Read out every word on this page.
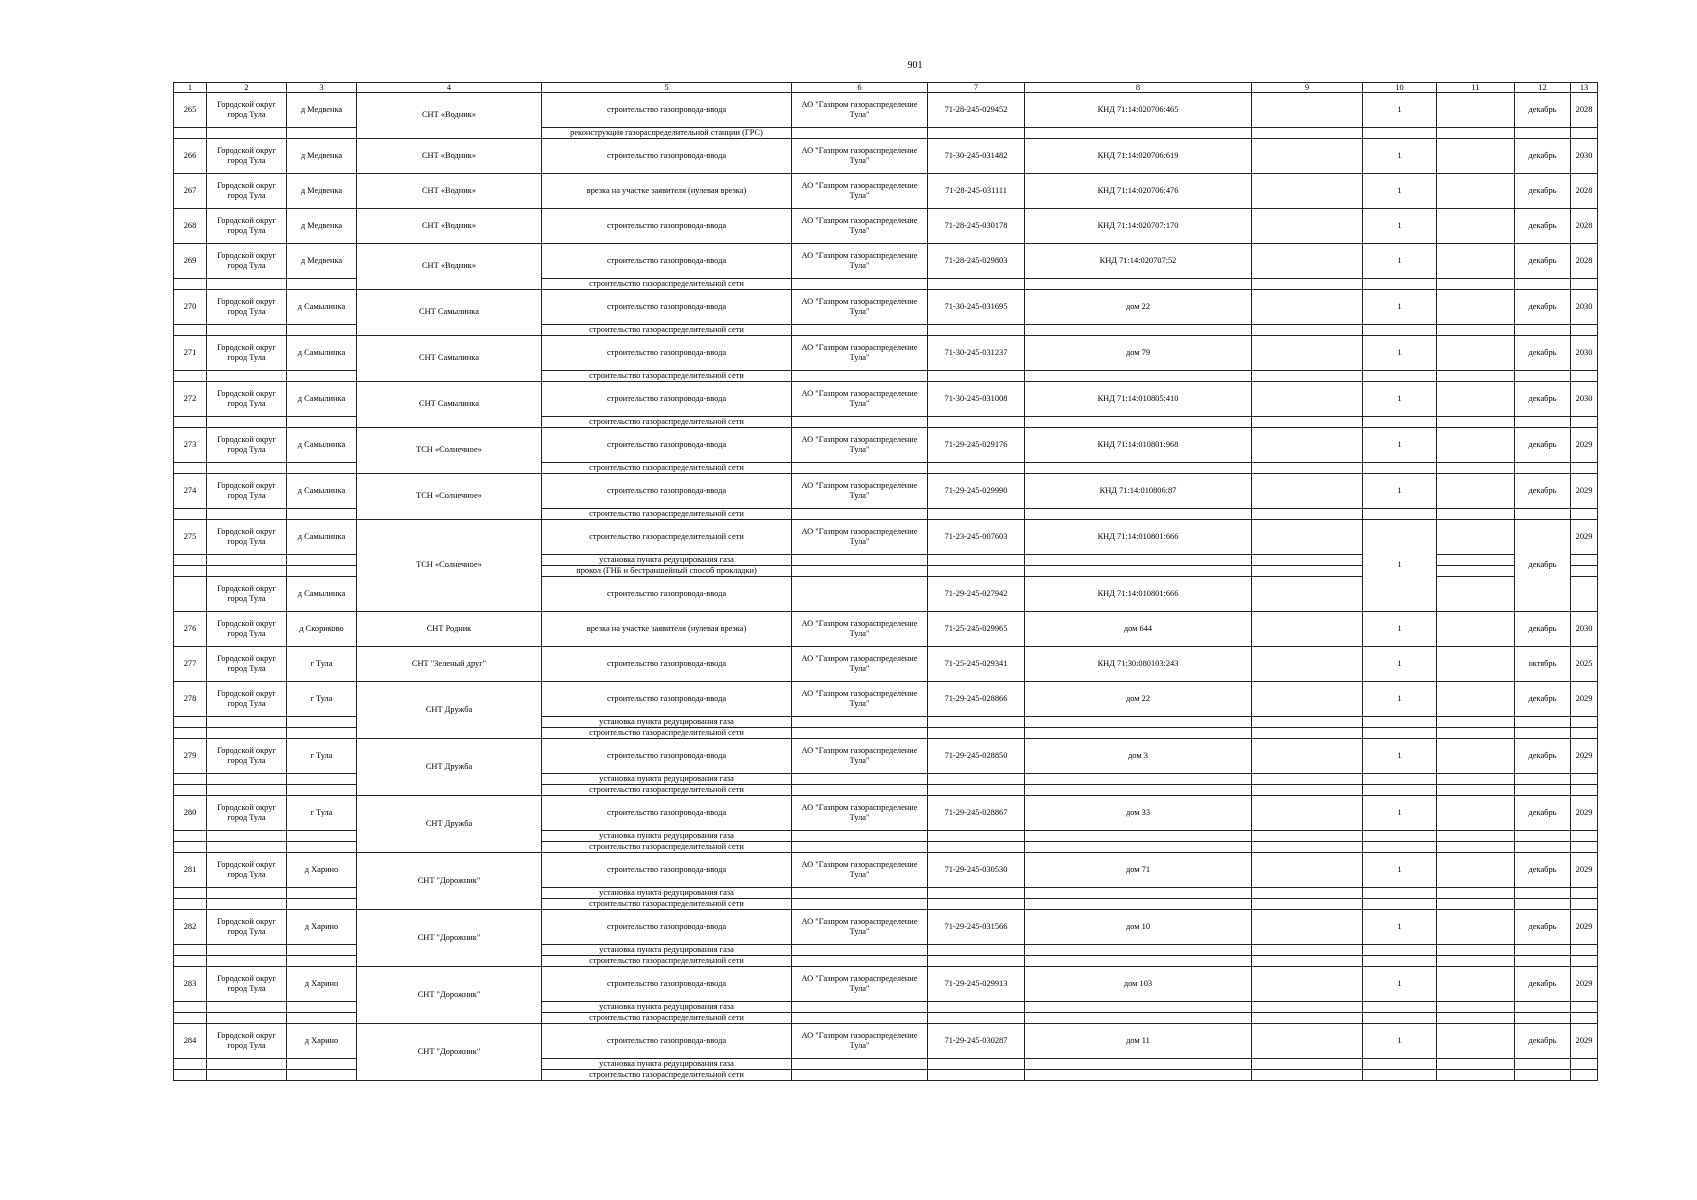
901
1	2	3	4	5	6	7	8	9	10	11	12	13
265	Городской округ город Тула	д Медвенка	СНТ «Водник»	строительство газопровода-ввода	АО "Газпром газораспределение Тула"	71-28-245-029452	КНД 71:14:020706:465		1		декабрь	2028
				реконструкция газораспределительной станции (ГРС)								
266	Городской округ город Тула	д Медвенка	СНТ «Водник»	строительство газопровода-ввода	АО "Газпром газораспределение Тула"	71-30-245-031482	КНД 71:14:020706:619		1		декабрь	2030
267	Городской округ город Тула	д Медвенка	СНТ «Водник»	врезка на участке заявителя (нулевая врезка)	АО "Газпром газораспределение Тула"	71-28-245-031111	КНД 71:14:020706:476		1		декабрь	2028
268	Городской округ город Тула	д Медвенка	СНТ «Водник»	строительство газопровода-ввода	АО "Газпром газораспределение Тула"	71-28-245-030178	КНД 71:14:020707:170		1		декабрь	2028
269	Городской округ город Тула	д Медвенка	СНТ «Водник»	строительство газопровода-ввода	АО "Газпром газораспределение Тула"	71-28-245-029803	КНД 71:14:020707:52		1		декабрь	2028
				строительство газораспределительной сети								
270	Городской округ город Тула	д Самылинка	СНТ Самылинка	строительство газопровода-ввода	АО "Газпром газораспределение Тула"	71-30-245-031695	дом 22		1		декабрь	2030
				строительство газораспределительной сети								
271	Городской округ город Тула	д Самылинка	СНТ Самылинка	строительство газопровода-ввода	АО "Газпром газораспределение Тула"	71-30-245-031237	дом 79		1		декабрь	2030
				строительство газораспределительной сети								
272	Городской округ город Тула	д Самылинка	СНТ Самылинка	строительство газопровода-ввода	АО "Газпром газораспределение Тула"	71-30-245-031008	КНД 71:14:010805:410		1		декабрь	2030
				строительство газораспределительной сети								
273	Городской округ город Тула	д Самылинка	ТСН «Солнечное»	строительство газопровода-ввода	АО "Газпром газораспределение Тула"	71-29-245-029176	КНД 71:14:010801:968		1		декабрь	2029
				строительство газораспределительной сети								
274	Городской округ город Тула	д Самылинка	ТСН «Солнечное»	строительство газопровода-ввода	АО "Газпром газораспределение Тула"	71-29-245-029990	КНД 71:14:010806:87		1		декабрь	2029
				строительство газораспределительной сети								
275	Городской округ город Тула	д Самылинка	ТСН «Солнечное»	строительство газораспределительной сети	АО "Газпром газораспределение Тула"	71-23-245-007603	КНД 71:14:010801:666		1		декабрь	2029
				установка пункта редуцирования газа								
				прокол (ГНБ и бестраншейный способ прокладки)								
	Городской округ город Тула	д Самылинка		строительство газопровода-ввода		71-29-245-027942	КНД 71:14:010801:666					
276	Городской округ город Тула	д Скориково	СНТ Родник	врезка на участке заявителя (нулевая врезка)	АО "Газпром газораспределение Тула"	71-25-245-029965	дом 644		1		декабрь	2030
277	Городской округ город Тула	г Тула	СНТ "Зеленый друг"	строительство газопровода-ввода	АО "Газпром газораспределение Тула"	71-25-245-029341	КНД 71:30:080103:243		1		октябрь	2025
278	Городской округ город Тула	г Тула	СНТ Дружба	строительство газопровода-ввода	АО "Газпром газораспределение Тула"	71-29-245-028866	дом 22		1		декабрь	2029
				установка пункта редуцирования газа								
				строительство газораспределительной сети								
279	Городской округ город Тула	г Тула	СНТ Дружба	строительство газопровода-ввода	АО "Газпром газораспределение Тула"	71-29-245-028850	дом 3		1		декабрь	2029
				установка пункта редуцирования газа								
				строительство газораспределительной сети								
280	Городской округ город Тула	г Тула	СНТ Дружба	строительство газопровода-ввода	АО "Газпром газораспределение Тула"	71-29-245-028867	дом 33		1		декабрь	2029
				установка пункта редуцирования газа								
				строительство газораспределительной сети								
281	Городской округ город Тула	д Харино	СНТ "Дорожник"	строительство газопровода-ввода	АО "Газпром газораспределение Тула"	71-29-245-030530	дом 71		1		декабрь	2029
				установка пункта редуцирования газа								
				строительство газораспределительной сети								
282	Городской округ город Тула	д Харино	СНТ "Дорожник"	строительство газопровода-ввода	АО "Газпром газораспределение Тула"	71-29-245-031566	дом 10		1		декабрь	2029
				установка пункта редуцирования газа								
				строительство газораспределительной сети								
283	Городской округ город Тула	д Харино	СНТ "Дорожник"	строительство газопровода-ввода	АО "Газпром газораспределение Тула"	71-29-245-029913	дом 103		1		декабрь	2029
				установка пункта редуцирования газа								
				строительство газораспределительной сети								
284	Городской округ город Тула	д Харино	СНТ "Дорожник"	строительство газопровода-ввода	АО "Газпром газораспределение Тула"	71-29-245-030287	дом 11		1		декабрь	2029
				установка пункта редуцирования газа								
				строительство газораспределительной сети								
